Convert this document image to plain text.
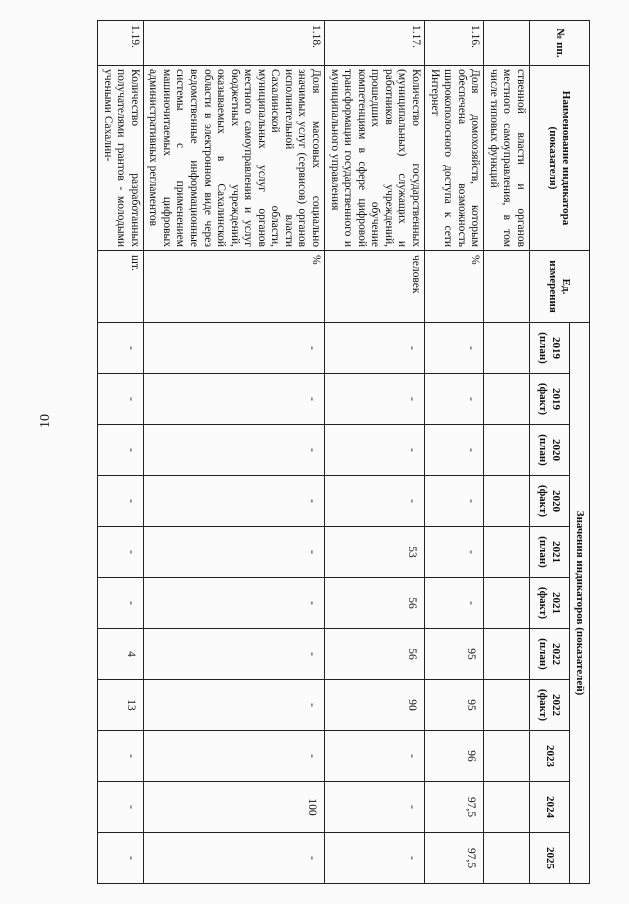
10
№ пп.	Наименование индикатора (показателя)	Ед. измерения	Значения индикаторов (показателей)										
			2019 (план)	2019 (факт)	2020 (план)	2020 (факт)	2021 (план)	2021 (факт)	2022 (план)	2022 (факт)	2023	2024	2025
	ственной власти и органов местного самоуправления, в том числе типовых функций												
1.16.	Доля домохозяйств, которым обеспечена возможность широкополосного доступа к сети Интернет	%	-	-	-	-	-	-	95	95	96	97,5	97,5
1.17.	Количество государственных (муниципальных) служащих и работников учреждений, прошедших обучение компетенциям в сфере цифровой трансформации государственного и муниципального управления	человек	-	-	-	-	53	56	56	90	-	-	-
1.18.	Доля массовых социально значимых услуг (сервисов) органов исполнительной власти Сахалинской области, муниципальных услуг органов местного самоуправления и услуг бюджетных учреждений, оказываемых в Сахалинской области в электронном виде через ведомственные информационные системы с применением машиночитаемых цифровых административных регламентов	%	-	-	-	-	-	-	-	-	-	100	-
1.19.	Количество разработанных получателями грантов - молодыми учеными Сахалин-	шт.	-	-	-	-	-	-	4	13	-	-	-
